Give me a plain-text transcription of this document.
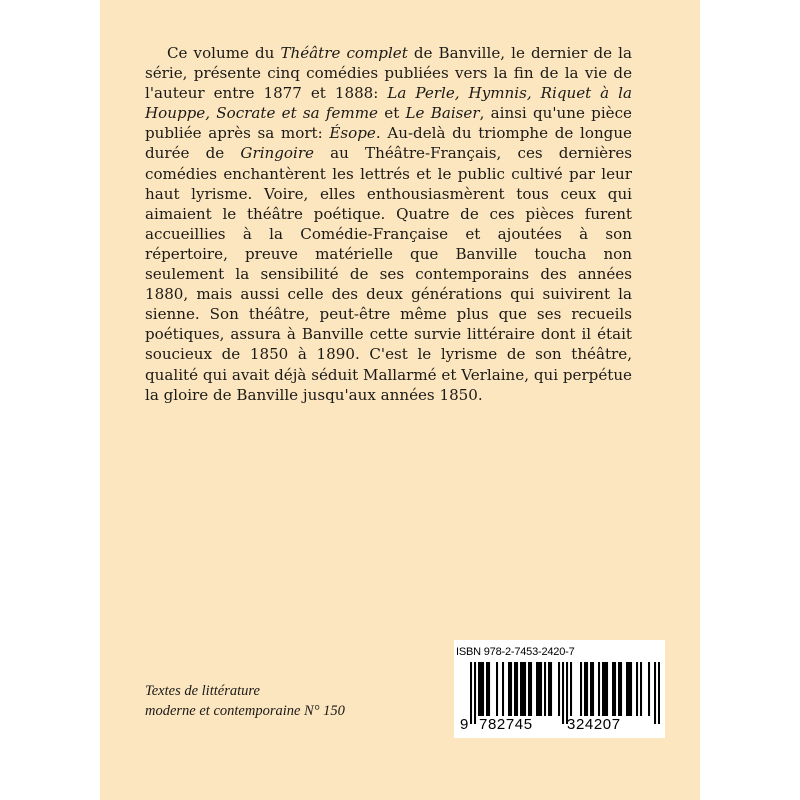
Ce volume du Théâtre complet de Banville, le dernier de la série, présente cinq comédies publiées vers la fin de la vie de l'auteur entre 1877 et 1888: La Perle, Hymnis, Riquet à la Houppe, Socrate et sa femme et Le Baiser, ainsi qu'une pièce publiée après sa mort: Ésope. Au-delà du triomphe de longue durée de Gringoire au Théâtre-Français, ces dernières comédies enchantèrent les lettrés et le public cultivé par leur haut lyrisme. Voire, elles enthousiasmèrent tous ceux qui aimaient le théâtre poétique. Quatre de ces pièces furent accueillies à la Comédie-Française et ajoutées à son répertoire, preuve matérielle que Banville toucha non seulement la sensibilité de ses contemporains des années 1880, mais aussi celle des deux générations qui suivirent la sienne. Son théâtre, peut-être même plus que ses recueils poétiques, assura à Banville cette survie littéraire dont il était soucieux de 1850 à 1890. C'est le lyrisme de son théâtre, qualité qui avait déjà séduit Mallarmé et Verlaine, qui perpétue la gloire de Banville jusqu'aux années 1850.

Textes de littérature
moderne et contemporaine N° 150
ISBN 978-2-7453-2420-7
9 782745 324207
